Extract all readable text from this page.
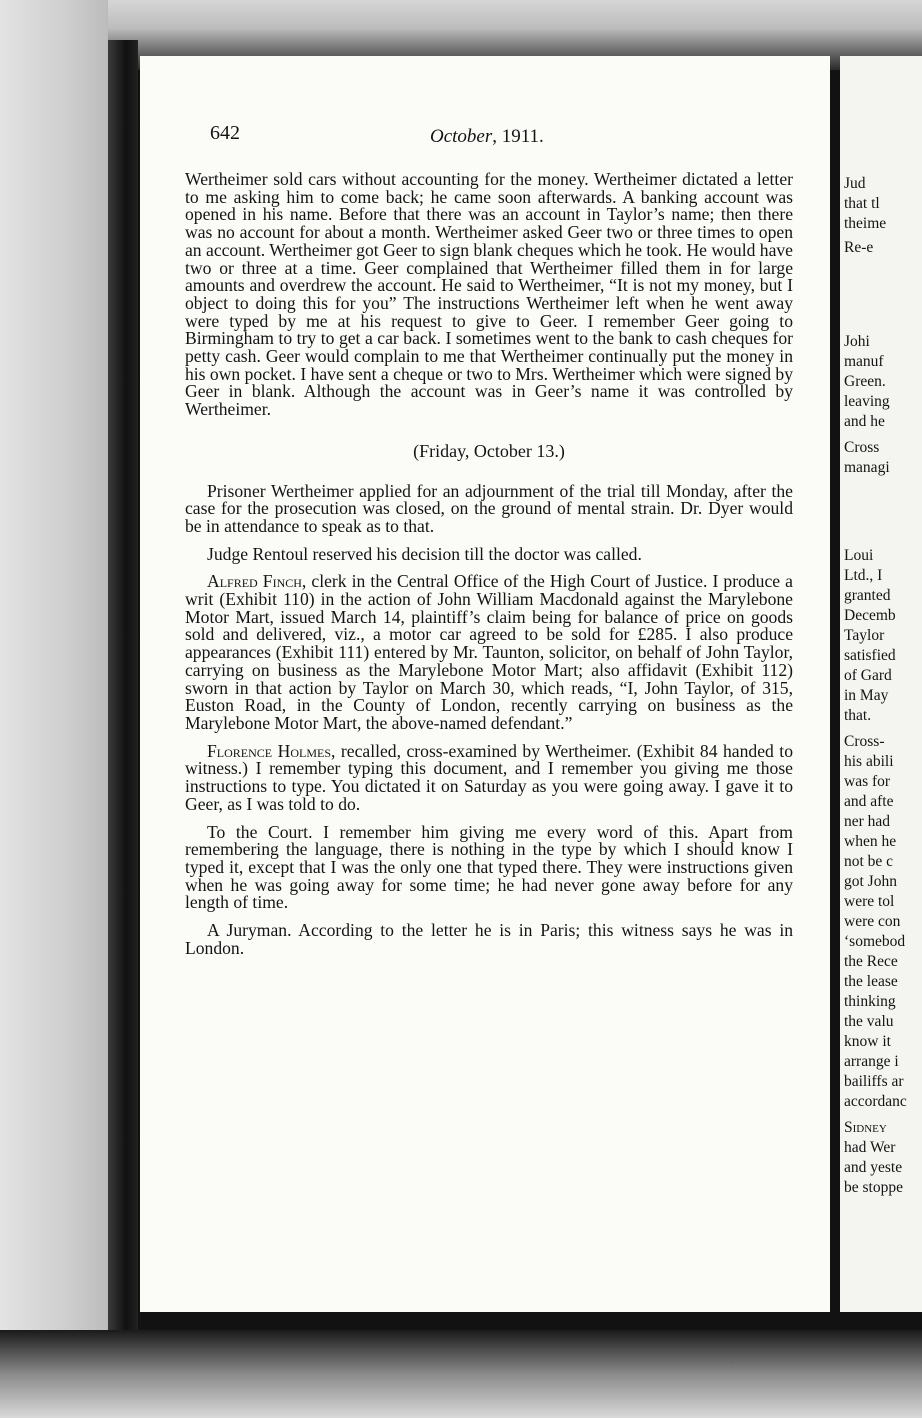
642	October, 1911.

Wertheimer sold cars without accounting for the money. Wertheimer dictated a letter to me asking him to come back; he came soon afterwards. A banking account was opened in his name. Before that there was an account in Taylor’s name; then there was no account for about a month. Wertheimer asked Geer two or three times to open an account. Wertheimer got Geer to sign blank cheques which he took. He would have two or three at a time. Geer complained that Wertheimer filled them in for large amounts and overdrew the account. He said to Wertheimer, “It is not my money, but I object to doing this for you” The instructions Wertheimer left when he went away were typed by me at his request to give to Geer. I remember Geer going to Birmingham to try to get a car back. I sometimes went to the bank to cash cheques for petty cash. Geer would complain to me that Wertheimer continually put the money in his own pocket. I have sent a cheque or two to Mrs. Wertheimer which were signed by Geer in blank. Although the account was in Geer’s name it was controlled by Wertheimer.

(Friday, October 13.)

Prisoner Wertheimer applied for an adjournment of the trial till Monday, after the case for the prosecution was closed, on the ground of mental strain. Dr. Dyer would be in attendance to speak as to that.

Judge Rentoul reserved his decision till the doctor was called.

Alfred Finch, clerk in the Central Office of the High Court of Justice. I produce a writ (Exhibit 110) in the action of John William Macdonald against the Marylebone Motor Mart, issued March 14, plaintiff’s claim being for balance of price on goods sold and delivered, viz., a motor car agreed to be sold for £285. I also produce appearances (Exhibit 111) entered by Mr. Taunton, solicitor, on behalf of John Taylor, carrying on business as the Marylebone Motor Mart; also affidavit (Exhibit 112) sworn in that action by Taylor on March 30, which reads, “I, John Taylor, of 315, Euston Road, in the County of London, recently carrying on business as the Marylebone Motor Mart, the above-named defendant.”

Florence Holmes, recalled, cross-examined by Wertheimer. (Exhibit 84 handed to witness.) I remember typing this document, and I remember you giving me those instructions to type. You dictated it on Saturday as you were going away. I gave it to Geer, as I was told to do.

To the Court. I remember him giving me every word of this. Apart from remembering the language, there is nothing in the type by which I should know I typed it, except that I was the only one that typed there. They were instructions given when he was going away for some time; he had never gone away before for any length of time.

A Juryman. According to the letter he is in Paris; this witness says he was in London.

,
Jud
that tl
theime
Re-e
Johi
manuf
Green.
leaving
and he
Cross
managi
Loui
Ltd., I
granted
Decemb
Taylor
satisfied
of Gard
in May
that.
Cross-
his abili
was for
and afte
ner had
when he
not be c
got John
were tol
were con
‘somebod
the Rece
the lease
thinking
the valu
know it
arrange i
bailiffs ar
accordanc
Sidney
had Wer
and yeste
be stoppe
